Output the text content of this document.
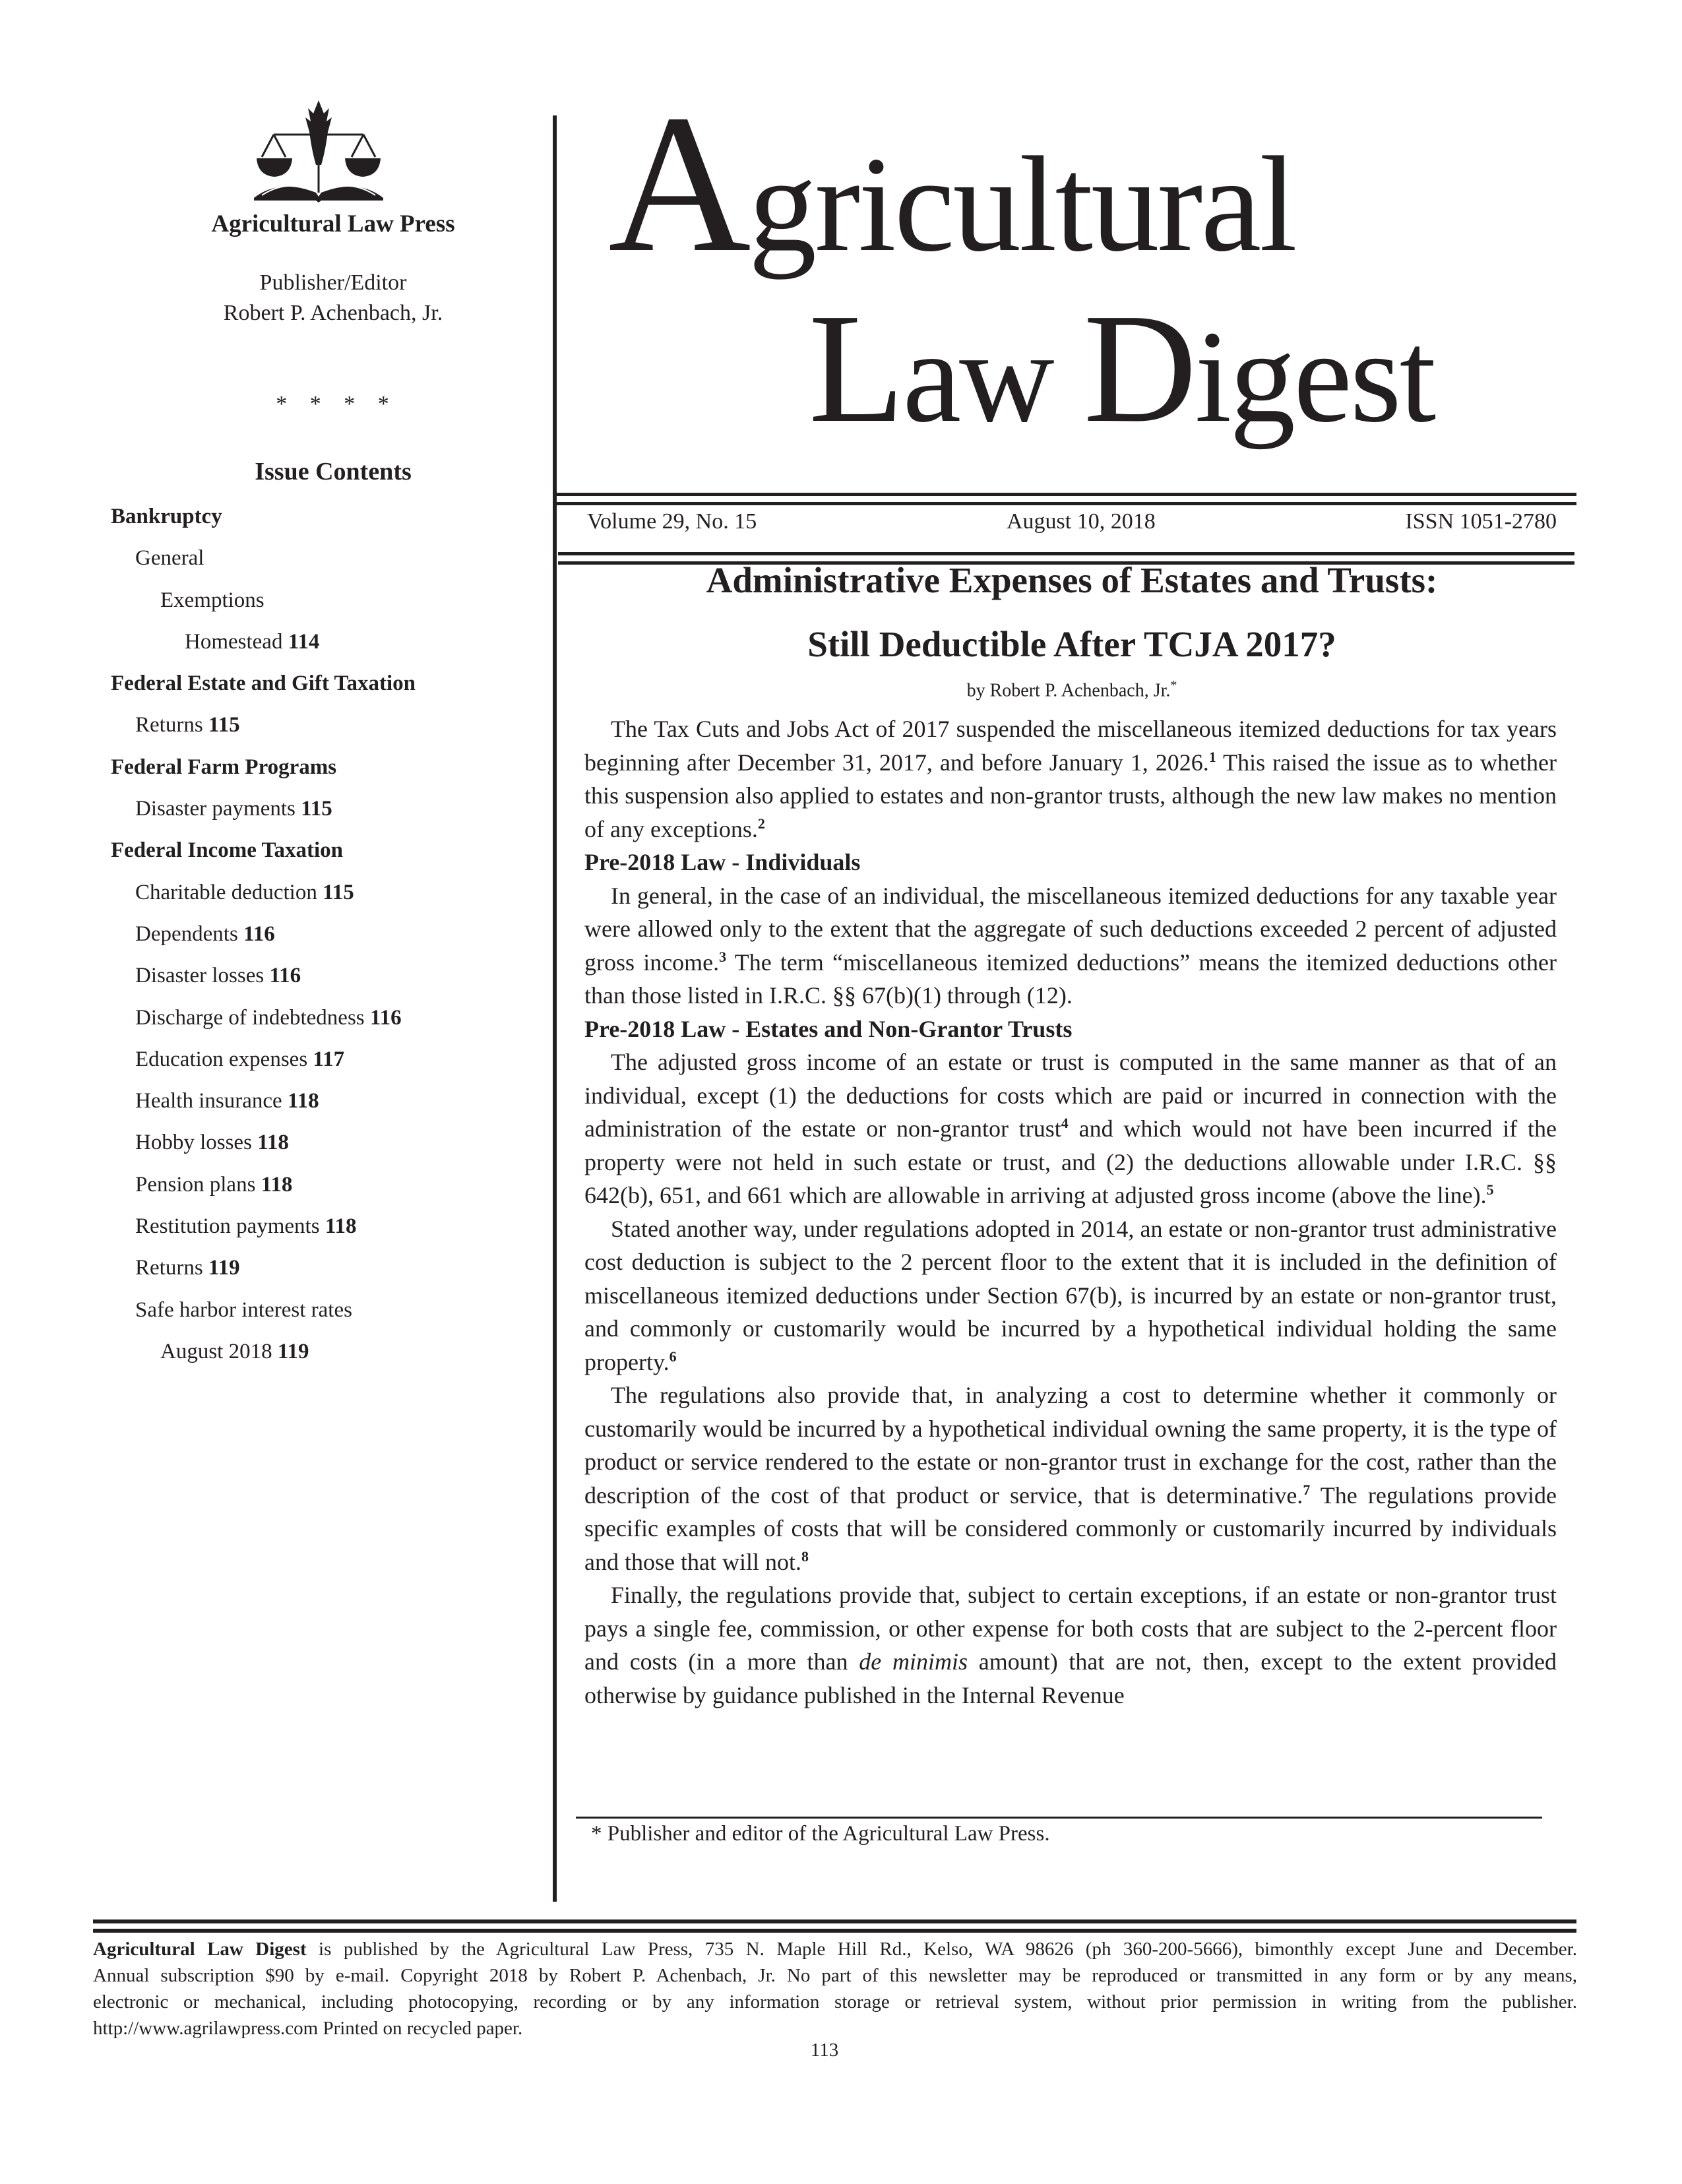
Agricultural Law Press
Publisher/Editor
Robert P. Achenbach, Jr.
* * * *
Issue Contents
Bankruptcy
General
Exemptions
Homestead 114
Federal Estate and Gift Taxation
Returns 115
Federal Farm Programs
Disaster payments 115
Federal Income Taxation
Charitable deduction 115
Dependents 116
Disaster losses 116
Discharge of indebtedness 116
Education expenses 117
Health insurance 118
Hobby losses 118
Pension plans 118
Restitution payments 118
Returns 119
Safe harbor interest rates
August 2018 119
Agricultural
Law Digest
Volume 29, No. 15	August 10, 2018	ISSN 1051-2780
Administrative Expenses of Estates and Trusts:
Still Deductible After TCJA 2017?
by Robert P. Achenbach, Jr.*

The Tax Cuts and Jobs Act of 2017 suspended the miscellaneous itemized deductions for tax years beginning after December 31, 2017, and before January 1, 2026.$^1$ This raised the issue as to whether this suspension also applied to estates and non-grantor trusts, although the new law makes no mention of any exceptions.$^2$

Pre-2018 Law - Individuals

In general, in the case of an individual, the miscellaneous itemized deductions for any taxable year were allowed only to the extent that the aggregate of such deductions exceeded 2 percent of adjusted gross income.$^3$ The term “miscellaneous itemized deductions” means the itemized deductions other than those listed in I.R.C. §§ 67(b)(1) through (12).

Pre-2018 Law - Estates and Non-Grantor Trusts

The adjusted gross income of an estate or trust is computed in the same manner as that of an individual, except (1) the deductions for costs which are paid or incurred in connection with the administration of the estate or non-grantor trust$^4$ and which would not have been incurred if the property were not held in such estate or trust, and (2) the deductions allowable under I.R.C. §§ 642(b), 651, and 661 which are allowable in arriving at adjusted gross income (above the line).$^5$

Stated another way, under regulations adopted in 2014, an estate or non-grantor trust administrative cost deduction is subject to the 2 percent floor to the extent that it is included in the definition of miscellaneous itemized deductions under Section 67(b), is incurred by an estate or non-grantor trust, and commonly or customarily would be incurred by a hypothetical individual holding the same property.$^6$

The regulations also provide that, in analyzing a cost to determine whether it commonly or customarily would be incurred by a hypothetical individual owning the same property, it is the type of product or service rendered to the estate or non-grantor trust in exchange for the cost, rather than the description of the cost of that product or service, that is determinative.$^7$ The regulations provide specific examples of costs that will be considered commonly or customarily incurred by individuals and those that will not.$^8$

Finally, the regulations provide that, subject to certain exceptions, if an estate or non-grantor trust pays a single fee, commission, or other expense for both costs that are subject to the 2-percent floor and costs (in a more than de minimis amount) that are not, then, except to the extent provided otherwise by guidance published in the Internal Revenue

* Publisher and editor of the Agricultural Law Press.
Agricultural Law Digest is published by the Agricultural Law Press, 735 N. Maple Hill Rd., Kelso, WA 98626 (ph 360-200-5666), bimonthly except June and December.
Annual subscription $90 by e-mail. Copyright 2018 by Robert P. Achenbach, Jr. No part of this newsletter may be reproduced or transmitted in any form or by any means,
electronic or mechanical, including photocopying, recording or by any information storage or retrieval system, without prior permission in writing from the publisher.
http://www.agrilawpress.com Printed on recycled paper.
113
